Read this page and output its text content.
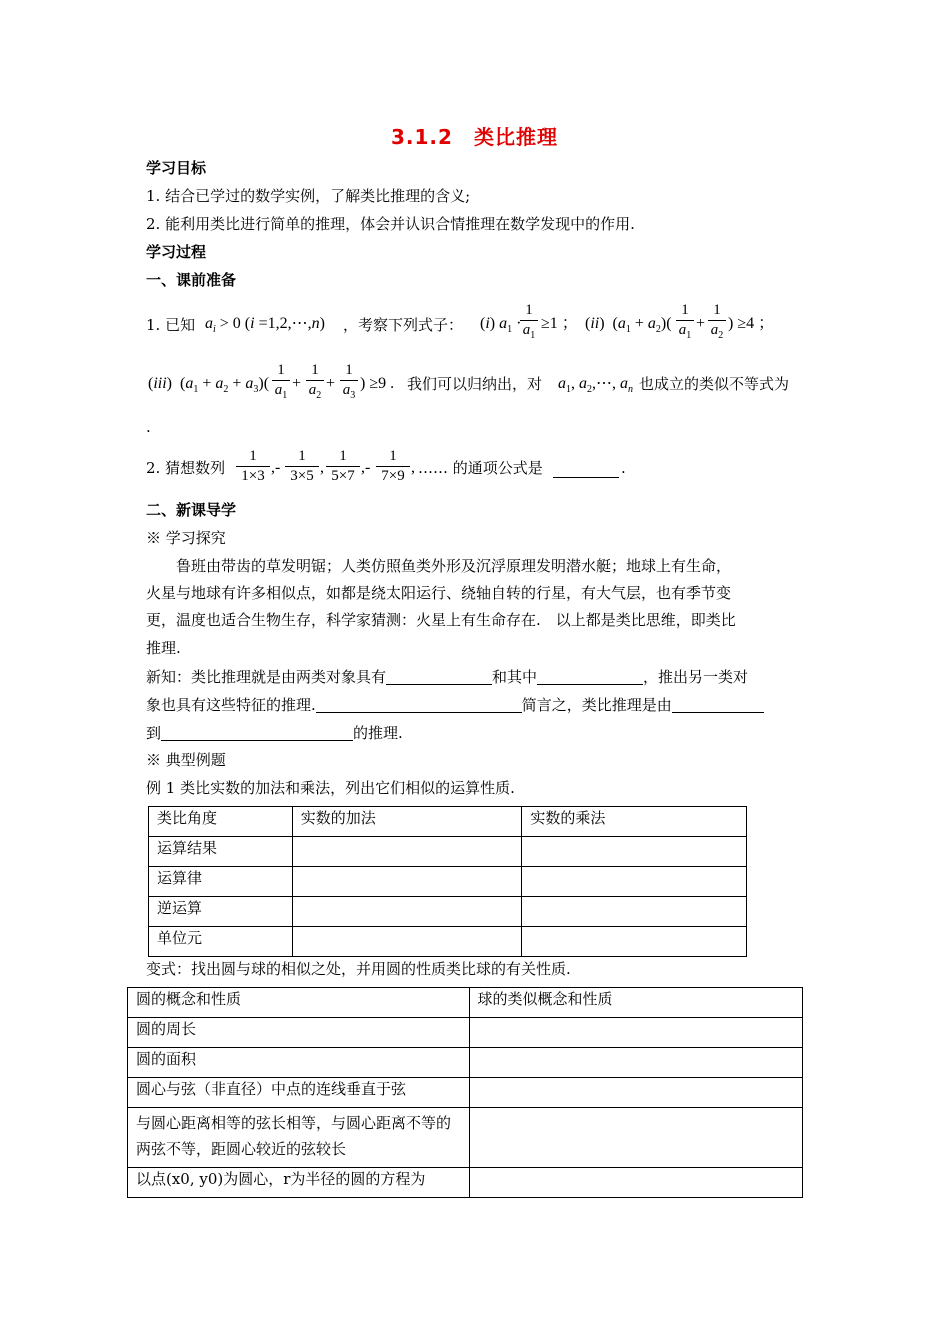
3.1.2　类比推理
学习目标
1. 结合已学过的数学实例，了解类比推理的含义;
2. 能利用类比进行简单的推理，体会并认识合情推理在数学发现中的作用.
学习过程
一、课前准备
1. 已知 $a_i > 0$ (i =1,2,⋯,n) ，考察下列式子： (i) $a_1$ ·
1
$a_1$
≥1 ； (ii)  $(a_1 + a_2)$(
1
$a_1$
+
1
$a_2$
) ≥4 ；
(iii)  $(a_1 + a_2 + a_3)$(
1
$a_1$
+
1
$a_2$
+
1
$a_3$
) ≥9 . 我们可以归纳出，对 $a_1$, $a_2,\cdots$, $a_n$ 也成立的类似不等式为
.
2. 猜想数列
1
1×3 ,-
1
3×5 ,
1
5×7 ,-
1
7×9 , …… 的通项公式是	.
二、新课导学
※ 学习探究
鲁班由带齿的草发明锯；人类仿照鱼类外形及沉浮原理发明潜水艇；地球上有生命，
火星与地球有许多相似点，如都是绕太阳运行、绕轴自转的行星，有大气层，也有季节变
更，温度也适合生物生存，科学家猜测：火星上有生命存在.　以上都是类比思维，即类比
推理.
新知：类比推理就是由两类对象具有	和其中	，推出另一类对
象也具有这些特征的推理.	简言之，类比推理是由
到	的推理.
※ 典型例题
例 1 类比实数的加法和乘法，列出它们相似的运算性质.
类比角度	实数的加法	实数的乘法
运算结果		
运算律		
逆运算		
单位元		
变式：找出圆与球的相似之处，并用圆的性质类比球的有关性质.
圆的概念和性质	球的类似概念和性质
圆的周长	
圆的面积	
圆心与弦（非直径）中点的连线垂直于弦	
与圆心距离相等的弦长相等，与圆心距离不等的两弦不等，距圆心较近的弦较长	
以点(x0, y0)为圆心，r为半径的圆的方程为	
